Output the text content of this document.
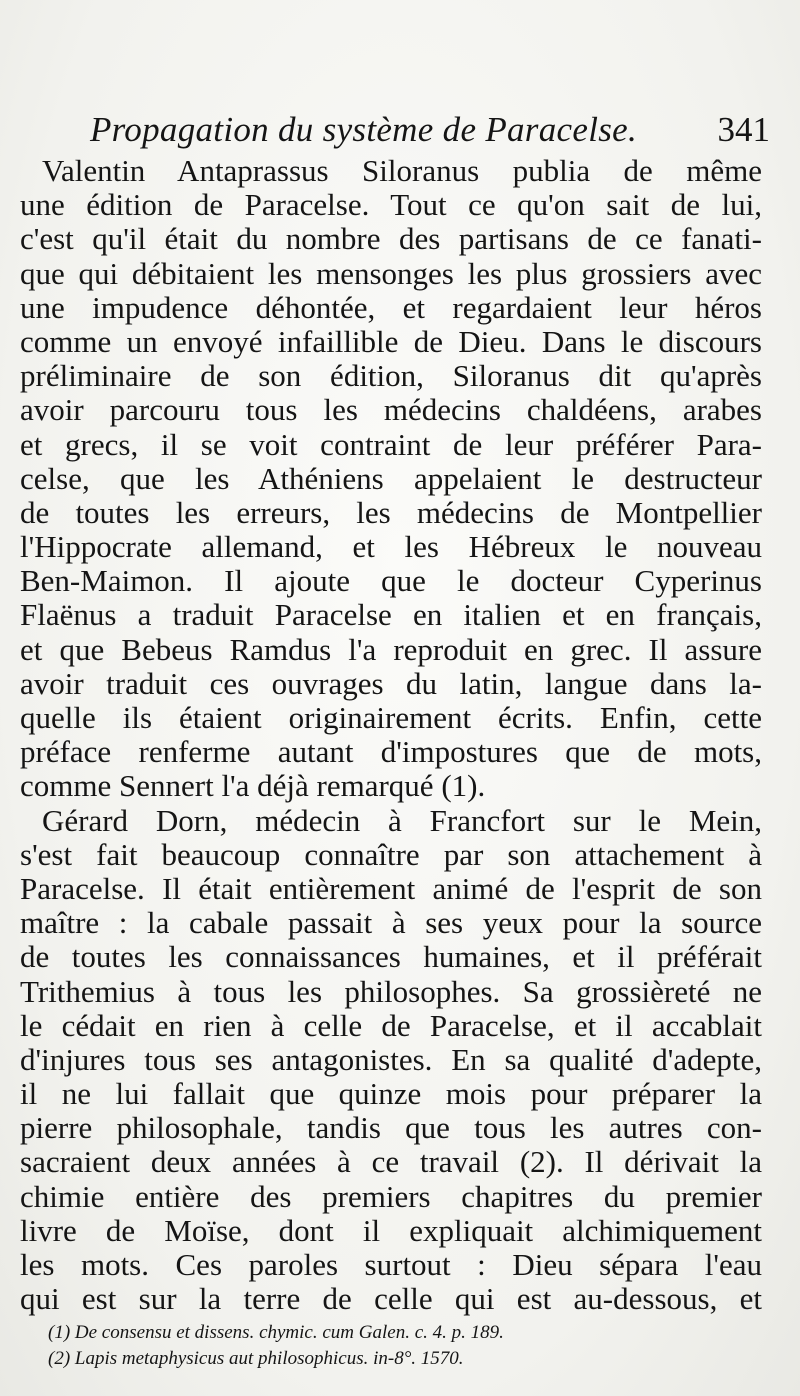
Propagation du système de Paracelse. 341
Valentin Antaprassus Siloranus publia de même
une édition de Paracelse. Tout ce qu'on sait de lui,
c'est qu'il était du nombre des partisans de ce fanati-
que qui débitaient les mensonges les plus grossiers avec
une impudence déhontée, et regardaient leur héros
comme un envoyé infaillible de Dieu. Dans le discours
préliminaire de son édition, Siloranus dit qu'après
avoir parcouru tous les médecins chaldéens, arabes
et grecs, il se voit contraint de leur préférer Para-
celse, que les Athéniens appelaient le destructeur
de toutes les erreurs, les médecins de Montpellier
l'Hippocrate allemand, et les Hébreux le nouveau
Ben-Maimon. Il ajoute que le docteur Cyperinus
Flaënus a traduit Paracelse en italien et en français,
et que Bebeus Ramdus l'a reproduit en grec. Il assure
avoir traduit ces ouvrages du latin, langue dans la-
quelle ils étaient originairement écrits. Enfin, cette
préface renferme autant d'impostures que de mots,
comme Sennert l'a déjà remarqué (1).
Gérard Dorn, médecin à Francfort sur le Mein,
s'est fait beaucoup connaître par son attachement à
Paracelse. Il était entièrement animé de l'esprit de son
maître : la cabale passait à ses yeux pour la source
de toutes les connaissances humaines, et il préférait
Trithemius à tous les philosophes. Sa grossièreté ne
le cédait en rien à celle de Paracelse, et il accablait
d'injures tous ses antagonistes. En sa qualité d'adepte,
il ne lui fallait que quinze mois pour préparer la
pierre philosophale, tandis que tous les autres con-
sacraient deux années à ce travail (2). Il dérivait la
chimie entière des premiers chapitres du premier
livre de Moïse, dont il expliquait alchimiquement
les mots. Ces paroles surtout : Dieu sépara l'eau
qui est sur la terre de celle qui est au-dessous, et
(1) De consensu et dissens. chymic. cum Galen. c. 4. p. 189.
(2) Lapis metaphysicus aut philosophicus. in-8°. 1570.
